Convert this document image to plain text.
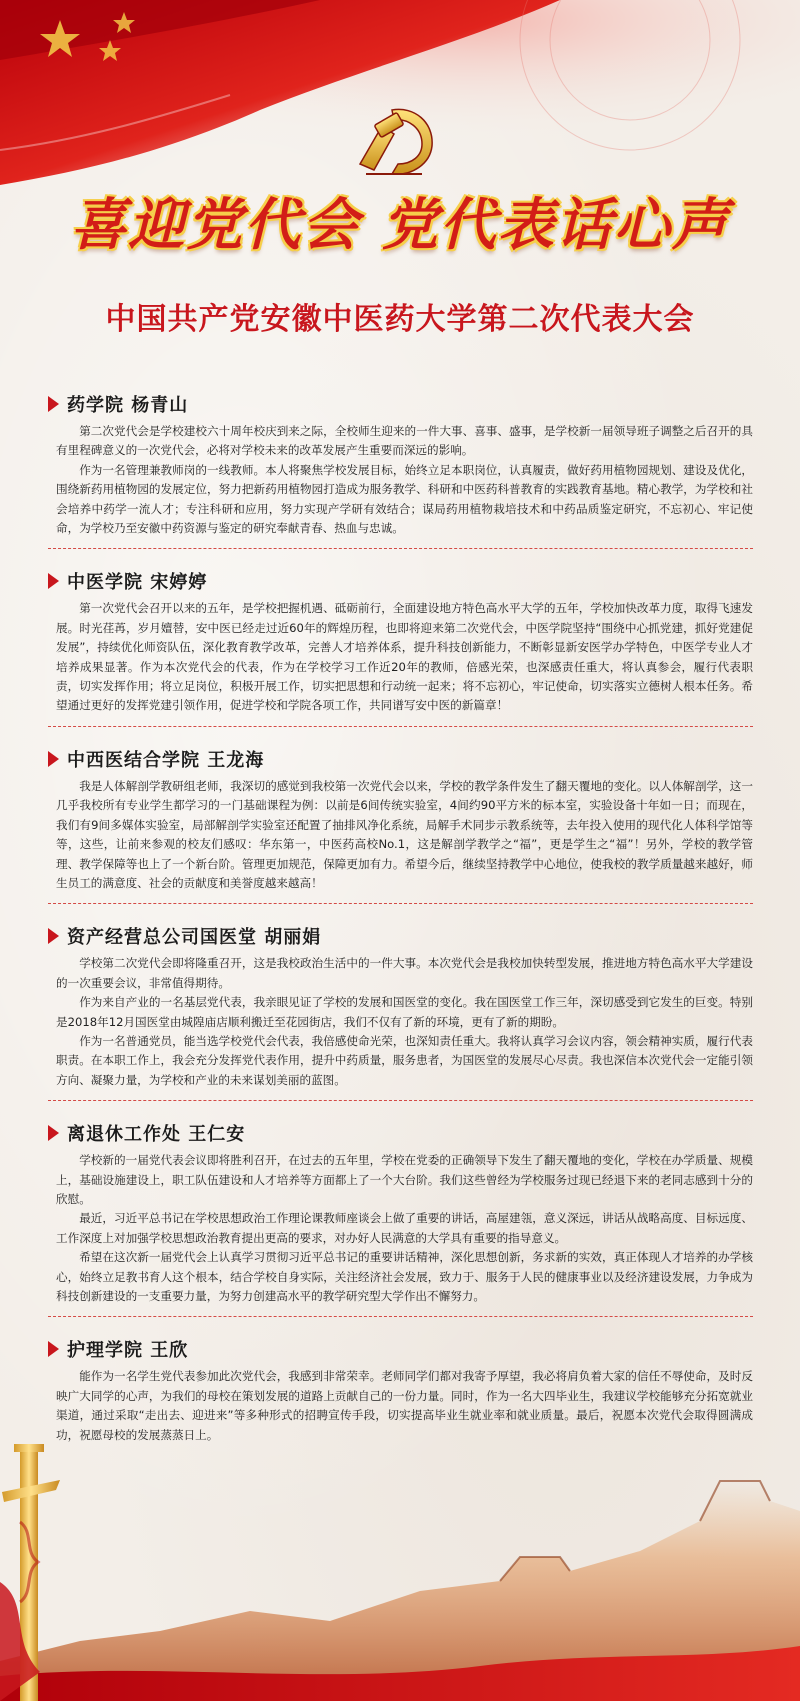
喜迎党代会 党代表话心声
中国共产党安徽中医药大学第二次代表大会
药学院 杨青山

第二次党代会是学校建校六十周年校庆到来之际，全校师生迎来的一件大事、喜事、盛事，是学校新一届领导班子调整之后召开的具有里程碑意义的一次党代会，必将对学校未来的改革发展产生重要而深远的影响。

作为一名管理兼教师岗的一线教师。本人将聚焦学校发展目标，始终立足本职岗位，认真履责，做好药用植物园规划、建设及优化，围绕新药用植物园的发展定位，努力把新药用植物园打造成为服务教学、科研和中医药科普教育的实践教育基地。精心教学，为学校和社会培养中药学一流人才；专注科研和应用，努力实现产学研有效结合；谋局药用植物栽培技术和中药品质鉴定研究，不忘初心、牢记使命，为学校乃至安徽中药资源与鉴定的研究奉献青春、热血与忠诚。

中医学院 宋婷婷

第一次党代会召开以来的五年，是学校把握机遇、砥砺前行，全面建设地方特色高水平大学的五年，学校加快改革力度，取得飞速发展。时光荏苒，岁月嬗替，安中医已经走过近60年的辉煌历程，也即将迎来第二次党代会，中医学院坚持“围绕中心抓党建，抓好党建促发展”，持续优化师资队伍，深化教育教学改革，完善人才培养体系，提升科技创新能力，不断彰显新安医学办学特色，中医学专业人才培养成果显著。作为本次党代会的代表，作为在学校学习工作近20年的教师，倍感光荣，也深感责任重大，将认真参会，履行代表职责，切实发挥作用；将立足岗位，积极开展工作，切实把思想和行动统一起来；将不忘初心，牢记使命，切实落实立德树人根本任务。希望通过更好的发挥党建引领作用，促进学校和学院各项工作，共同谱写安中医的新篇章！

中西医结合学院 王龙海

我是人体解剖学教研组老师，我深切的感觉到我校第一次党代会以来，学校的教学条件发生了翻天覆地的变化。以人体解剖学，这一几乎我校所有专业学生都学习的一门基础课程为例：以前是6间传统实验室，4间约90平方米的标本室，实验设备十年如一日；而现在，我们有9间多媒体实验室，局部解剖学实验室还配置了抽排风净化系统，局解手术同步示教系统等，去年投入使用的现代化人体科学馆等等，这些，让前来参观的校友们感叹：华东第一，中医药高校No.1，这是解剖学教学之“福”，更是学生之“福”！另外，学校的教学管理、教学保障等也上了一个新台阶。管理更加规范，保障更加有力。希望今后，继续坚持教学中心地位，使我校的教学质量越来越好，师生员工的满意度、社会的贡献度和美誉度越来越高！

资产经营总公司国医堂 胡丽娟

学校第二次党代会即将隆重召开，这是我校政治生活中的一件大事。本次党代会是我校加快转型发展，推进地方特色高水平大学建设的一次重要会议，非常值得期待。

作为来自产业的一名基层党代表，我亲眼见证了学校的发展和国医堂的变化。我在国医堂工作三年，深切感受到它发生的巨变。特别是2018年12月国医堂由城隍庙店顺利搬迁至花园街店，我们不仅有了新的环境，更有了新的期盼。

作为一名普通党员，能当选学校党代会代表，我倍感使命光荣，也深知责任重大。我将认真学习会议内容，领会精神实质，履行代表职责。在本职工作上，我会充分发挥党代表作用，提升中药质量，服务患者，为国医堂的发展尽心尽责。我也深信本次党代会一定能引领方向、凝聚力量，为学校和产业的未来谋划美丽的蓝图。

离退休工作处 王仁安

学校新的一届党代表会议即将胜利召开，在过去的五年里，学校在党委的正确领导下发生了翻天覆地的变化，学校在办学质量、规模上，基础设施建设上，职工队伍建设和人才培养等方面都上了一个大台阶。我们这些曾经为学校服务过现已经退下来的老同志感到十分的欣慰。

最近，习近平总书记在学校思想政治工作理论课教师座谈会上做了重要的讲话，高屋建瓴，意义深远，讲话从战略高度、目标远度、工作深度上对加强学校思想政治教育提出更高的要求，对办好人民满意的大学具有重要的指导意义。

希望在这次新一届党代会上认真学习贯彻习近平总书记的重要讲话精神，深化思想创新，务求新的实效，真正体现人才培养的办学核心，始终立足教书育人这个根本，结合学校自身实际，关注经济社会发展，致力于、服务于人民的健康事业以及经济建设发展，力争成为科技创新建设的一支重要力量，为努力创建高水平的教学研究型大学作出不懈努力。

护理学院 王欣

能作为一名学生党代表参加此次党代会，我感到非常荣幸。老师同学们都对我寄予厚望，我必将肩负着大家的信任不辱使命，及时反映广大同学的心声，为我们的母校在策划发展的道路上贡献自己的一份力量。同时，作为一名大四毕业生，我建议学校能够充分拓宽就业渠道，通过采取“走出去、迎进来”等多种形式的招聘宣传手段，切实提高毕业生就业率和就业质量。最后，祝愿本次党代会取得圆满成功，祝愿母校的发展蒸蒸日上。
